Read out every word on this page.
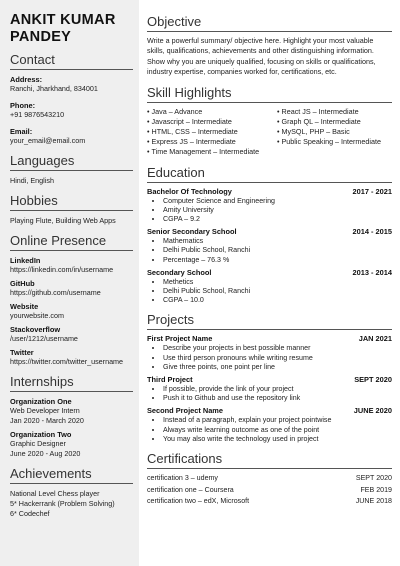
ANKIT KUMAR
PANDEY
Contact
Address:
Ranchi, Jharkhand, 834001
Phone:
+91 9876543210
Email:
your_email@email.com
Languages
Hindi, English
Hobbies
Playing Flute, Building Web Apps
Online Presence
LinkedIn
https://linkedin.com/in/username
GitHub
https://github.com/username
Website
yourwebsite.com
Stackoverflow
/user/1212/username
Twitter
https://twitter.com/twitter_username
Internships
Organization One
Web Developer Intern
Jan 2020 - March 2020
Organization Two
Graphic Designer
June 2020 - Aug 2020
Achievements
National Level Chess player
5* Hackerrank (Problem Solving)
6* Codechef
Objective
Write a powerful summary/ objective here. Highlight your most valuable skills, qualifications, achievements and other distinguishing information. Show why you are uniquely qualified, focusing on skills or qualifications, industry expertise, companies worked for, certifications, etc.
Skill Highlights
• Java – Advance
• Javascript – Intermediate
• HTML, CSS – Intermediate
• Express JS – Intermediate
• Time Management – Intermediate
• React JS – Intermediate
• Graph QL – Intermediate
• MySQL, PHP – Basic
• Public Speaking – Intermediate
Education
Bachelor Of Technology	2017 - 2021
• Computer Science and Engineering
• Amity University
• CGPA – 9.2
Senior Secondary School	2014 - 2015
• Mathematics
• Delhi Public School, Ranchi
• Percentage – 76.3 %
Secondary School	2013 - 2014
• Methetics
• Delhi Public School, Ranchi
• CGPA – 10.0
Projects
First Project Name	JAN 2021
• Describe your projects in best possible manner
• Use third person pronouns while writing resume
• Give three points, one point per line
Third Project	SEPT 2020
• If possible, provide the link of your project
• Push it to Github and use the repository link
Second Project Name	JUNE 2020
• Instead of a paragraph, explain your project pointwise
• Always write learning outcome as one of the point
• You may also write the technology used in project
Certifications
certification 3 – udemy	SEPT 2020
certification one – Coursera	FEB 2019
certification two – edX, Microsoft	JUNE 2018
